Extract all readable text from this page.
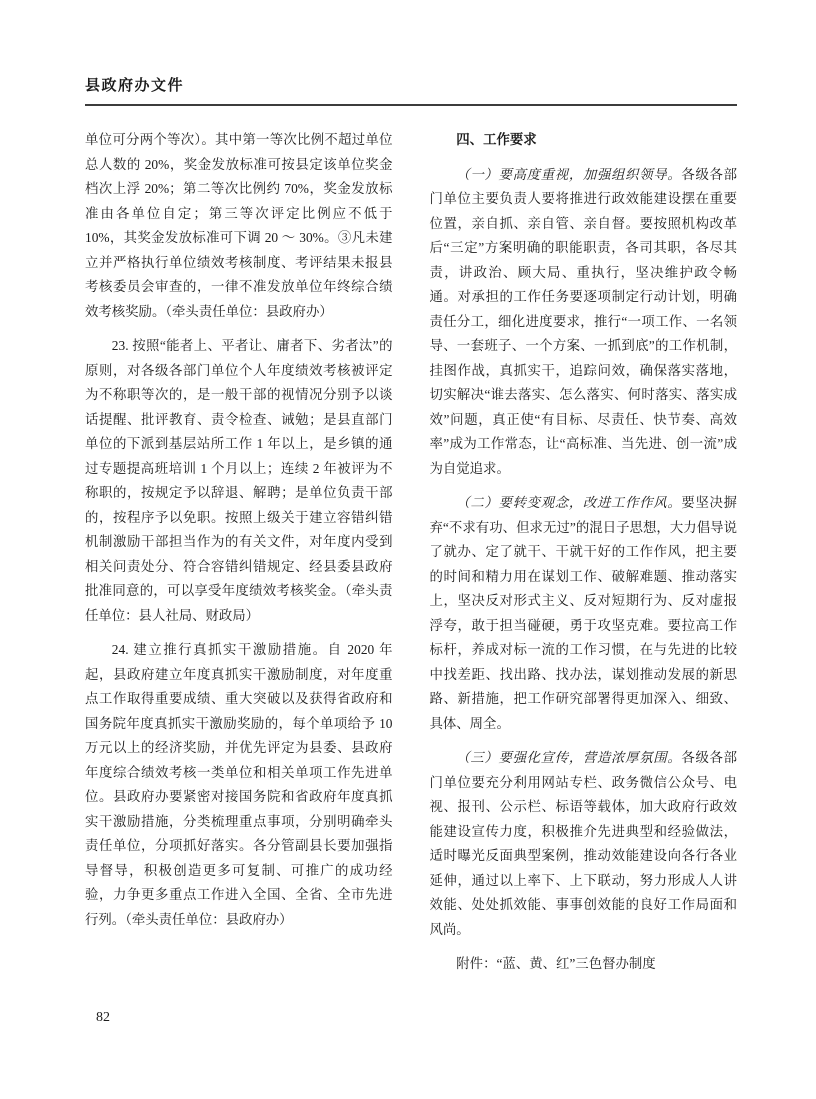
县政府办文件

单位可分两个等次）。其中第一等次比例不超过单位总人数的 20%，奖金发放标准可按县定该单位奖金档次上浮 20%；第二等次比例约 70%，奖金发放标准由各单位自定；第三等次评定比例应不低于 10%，其奖金发放标准可下调 20 ～ 30%。③凡未建立并严格执行单位绩效考核制度、考评结果未报县考核委员会审查的，一律不准发放单位年终综合绩效考核奖励。（牵头责任单位：县政府办）

23. 按照“能者上、平者让、庸者下、劣者汰”的原则，对各级各部门单位个人年度绩效考核被评定为不称职等次的，是一般干部的视情况分别予以谈话提醒、批评教育、责令检查、诫勉；是县直部门单位的下派到基层站所工作 1 年以上，是乡镇的通过专题提高班培训 1 个月以上；连续 2 年被评为不称职的，按规定予以辞退、解聘；是单位负责干部的，按程序予以免职。按照上级关于建立容错纠错机制激励干部担当作为的有关文件，对年度内受到相关问责处分、符合容错纠错规定、经县委县政府批准同意的，可以享受年度绩效考核奖金。（牵头责任单位：县人社局、财政局）

24. 建立推行真抓实干激励措施。自 2020 年起，县政府建立年度真抓实干激励制度，对年度重点工作取得重要成绩、重大突破以及获得省政府和国务院年度真抓实干激励奖励的，每个单项给予 10 万元以上的经济奖励，并优先评定为县委、县政府年度综合绩效考核一类单位和相关单项工作先进单位。县政府办要紧密对接国务院和省政府年度真抓实干激励措施，分类梳理重点事项，分别明确牵头责任单位，分项抓好落实。各分管副县长要加强指导督导，积极创造更多可复制、可推广的成功经验，力争更多重点工作进入全国、全省、全市先进行列。（牵头责任单位：县政府办）

四、工作要求

（一）要高度重视，加强组织领导。各级各部门单位主要负责人要将推进行政效能建设摆在重要位置，亲自抓、亲自管、亲自督。要按照机构改革后“三定”方案明确的职能职责，各司其职，各尽其责，讲政治、顾大局、重执行，坚决维护政令畅通。对承担的工作任务要逐项制定行动计划，明确责任分工，细化进度要求，推行“一项工作、一名领导、一套班子、一个方案、一抓到底”的工作机制，挂图作战，真抓实干，追踪问效，确保落实落地，切实解决“谁去落实、怎么落实、何时落实、落实成效”问题，真正使“有目标、尽责任、快节奏、高效率”成为工作常态，让“高标准、当先进、创一流”成为自觉追求。

（二）要转变观念，改进工作作风。要坚决摒弃“不求有功、但求无过”的混日子思想，大力倡导说了就办、定了就干、干就干好的工作作风，把主要的时间和精力用在谋划工作、破解难题、推动落实上，坚决反对形式主义、反对短期行为、反对虚报浮夸，敢于担当碰硬，勇于攻坚克难。要拉高工作标杆，养成对标一流的工作习惯，在与先进的比较中找差距、找出路、找办法，谋划推动发展的新思路、新措施，把工作研究部署得更加深入、细致、具体、周全。

（三）要强化宣传，营造浓厚氛围。各级各部门单位要充分利用网站专栏、政务微信公众号、电视、报刊、公示栏、标语等载体，加大政府行政效能建设宣传力度，积极推介先进典型和经验做法，适时曝光反面典型案例，推动效能建设向各行各业延伸，通过以上率下、上下联动，努力形成人人讲效能、处处抓效能、事事创效能的良好工作局面和风尚。

附件：“蓝、黄、红”三色督办制度

82
